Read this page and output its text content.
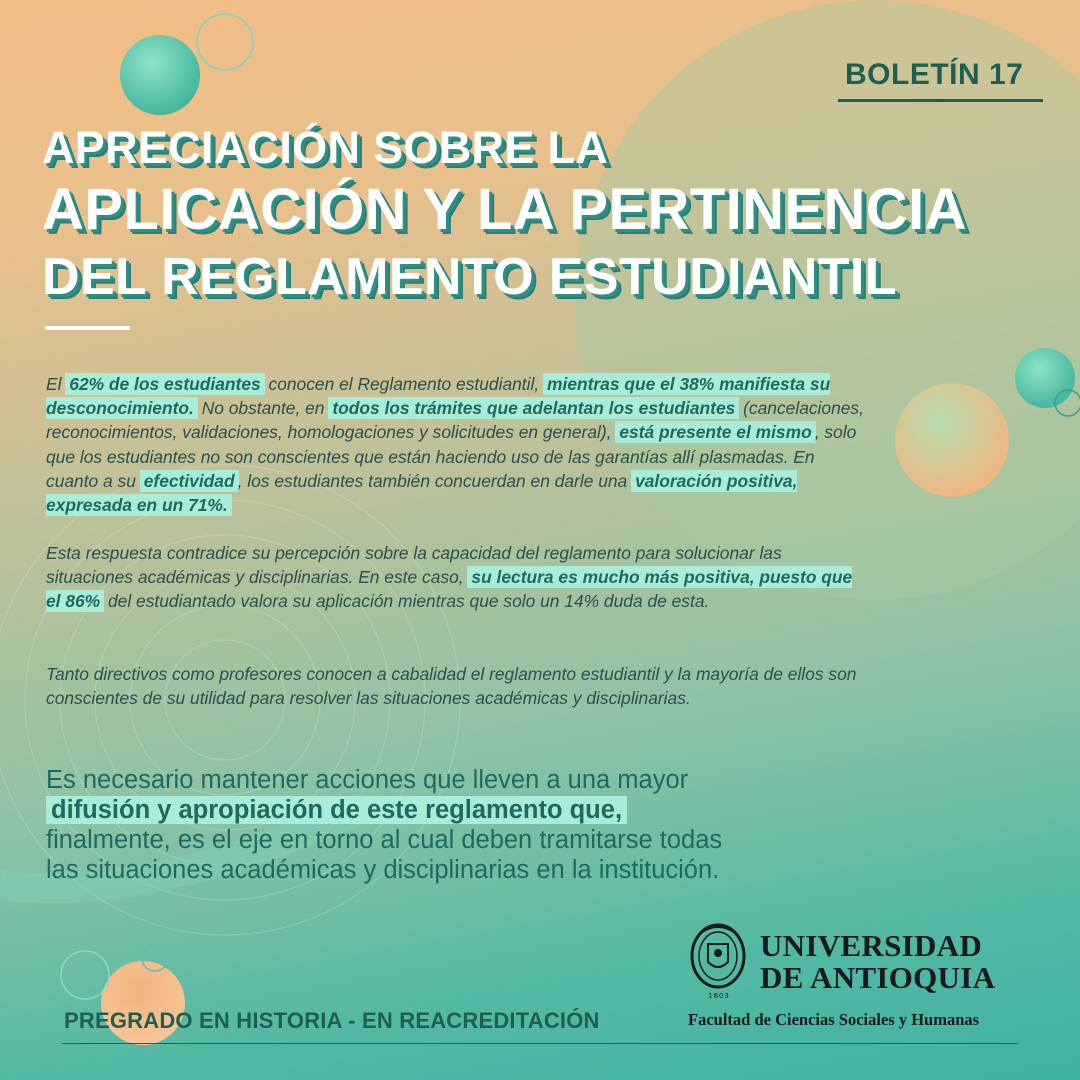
BOLETÍN 17
APRECIACIÓN SOBRE LA
APLICACIÓN Y LA PERTINENCIA
DEL REGLAMENTO ESTUDIANTIL

El 62% de los estudiantes conocen el Reglamento estudiantil, mientras que el 38% manifiesta su desconocimiento. No obstante, en todos los trámites que adelantan los estudiantes (cancelaciones, reconocimientos, validaciones, homologaciones y solicitudes en general), está presente el mismo , solo que los estudiantes no son conscientes que están haciendo uso de las garantías allí plasmadas. En cuanto a su efectividad , los estudiantes también concuerdan en darle una valoración positiva, expresada en un 71%.

Esta respuesta contradice su percepción sobre la capacidad del reglamento para solucionar las situaciones académicas y disciplinarias. En este caso, su lectura es mucho más positiva, puesto que el 86% del estudiantado valora su aplicación mientras que solo un 14% duda de esta.

Tanto directivos como profesores conocen a cabalidad el reglamento estudiantil y la mayoría de ellos son conscientes de su utilidad para resolver las situaciones académicas y disciplinarias.

Es necesario mantener acciones que lleven a una mayor
difusión y apropiación de este reglamento que,
finalmente, es el eje en torno al cual deben tramitarse todas las situaciones académicas y disciplinarias en la institución.
1803
UNIVERSIDAD
DE ANTIOQUIA
Facultad de Ciencias Sociales y Humanas
PREGRADO EN HISTORIA - EN REACREDITACIÓN
